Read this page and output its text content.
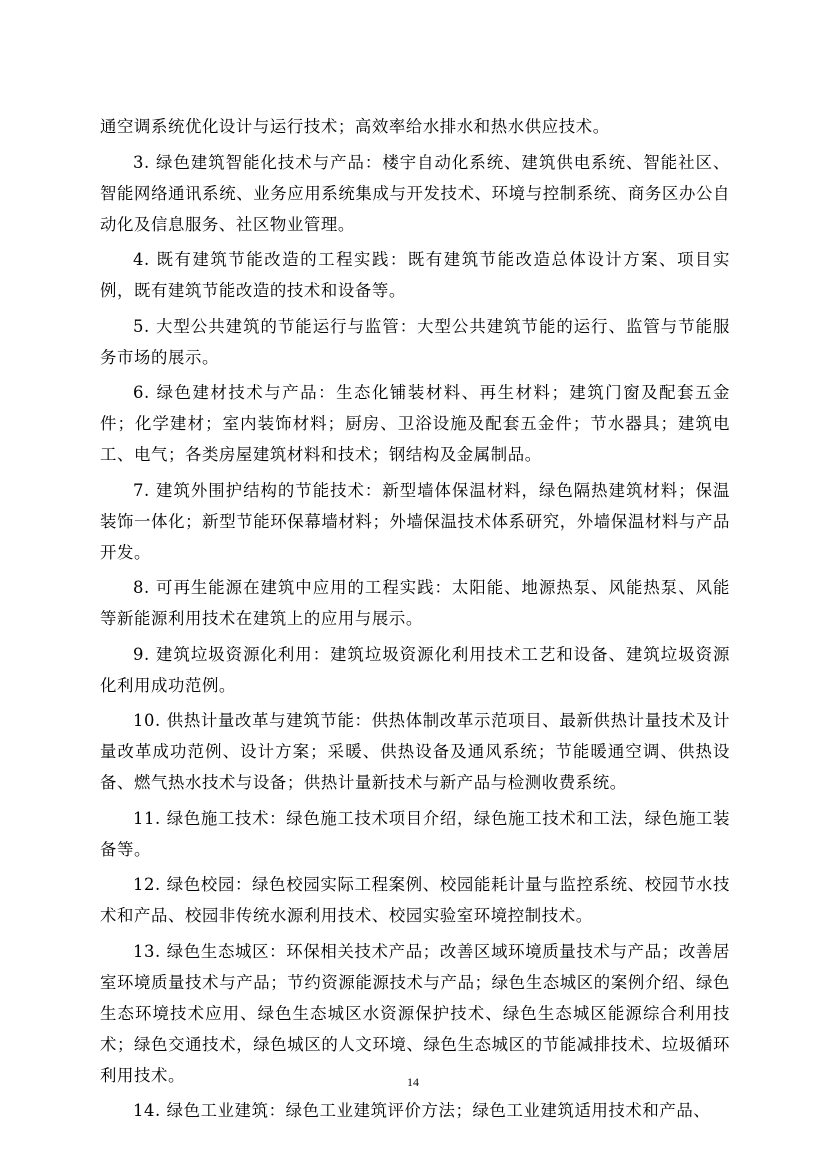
通空调系统优化设计与运行技术；高效率给水排水和热水供应技术。

3. 绿色建筑智能化技术与产品：楼宇自动化系统、建筑供电系统、智能社区、智能网络通讯系统、业务应用系统集成与开发技术、环境与控制系统、商务区办公自动化及信息服务、社区物业管理。

4. 既有建筑节能改造的工程实践：既有建筑节能改造总体设计方案、项目实例，既有建筑节能改造的技术和设备等。

5. 大型公共建筑的节能运行与监管：大型公共建筑节能的运行、监管与节能服务市场的展示。

6. 绿色建材技术与产品：生态化铺装材料、再生材料；建筑门窗及配套五金件；化学建材；室内装饰材料；厨房、卫浴设施及配套五金件；节水器具；建筑电工、电气；各类房屋建筑材料和技术；钢结构及金属制品。

7. 建筑外围护结构的节能技术：新型墙体保温材料，绿色隔热建筑材料；保温装饰一体化；新型节能环保幕墙材料；外墙保温技术体系研究，外墙保温材料与产品开发。

8. 可再生能源在建筑中应用的工程实践：太阳能、地源热泵、风能热泵、风能等新能源利用技术在建筑上的应用与展示。

9. 建筑垃圾资源化利用：建筑垃圾资源化利用技术工艺和设备、建筑垃圾资源化利用成功范例。

10. 供热计量改革与建筑节能：供热体制改革示范项目、最新供热计量技术及计量改革成功范例、设计方案；采暖、供热设备及通风系统；节能暖通空调、供热设备、燃气热水技术与设备；供热计量新技术与新产品与检测收费系统。

11. 绿色施工技术：绿色施工技术项目介绍，绿色施工技术和工法，绿色施工装备等。

12. 绿色校园：绿色校园实际工程案例、校园能耗计量与监控系统、校园节水技术和产品、校园非传统水源利用技术、校园实验室环境控制技术。

13. 绿色生态城区：环保相关技术产品；改善区域环境质量技术与产品；改善居室环境质量技术与产品；节约资源能源技术与产品；绿色生态城区的案例介绍、绿色生态环境技术应用、绿色生态城区水资源保护技术、绿色生态城区能源综合利用技术；绿色交通技术，绿色城区的人文环境、绿色生态城区的节能减排技术、垃圾循环利用技术。

14. 绿色工业建筑：绿色工业建筑评价方法；绿色工业建筑适用技术和产品、

14
